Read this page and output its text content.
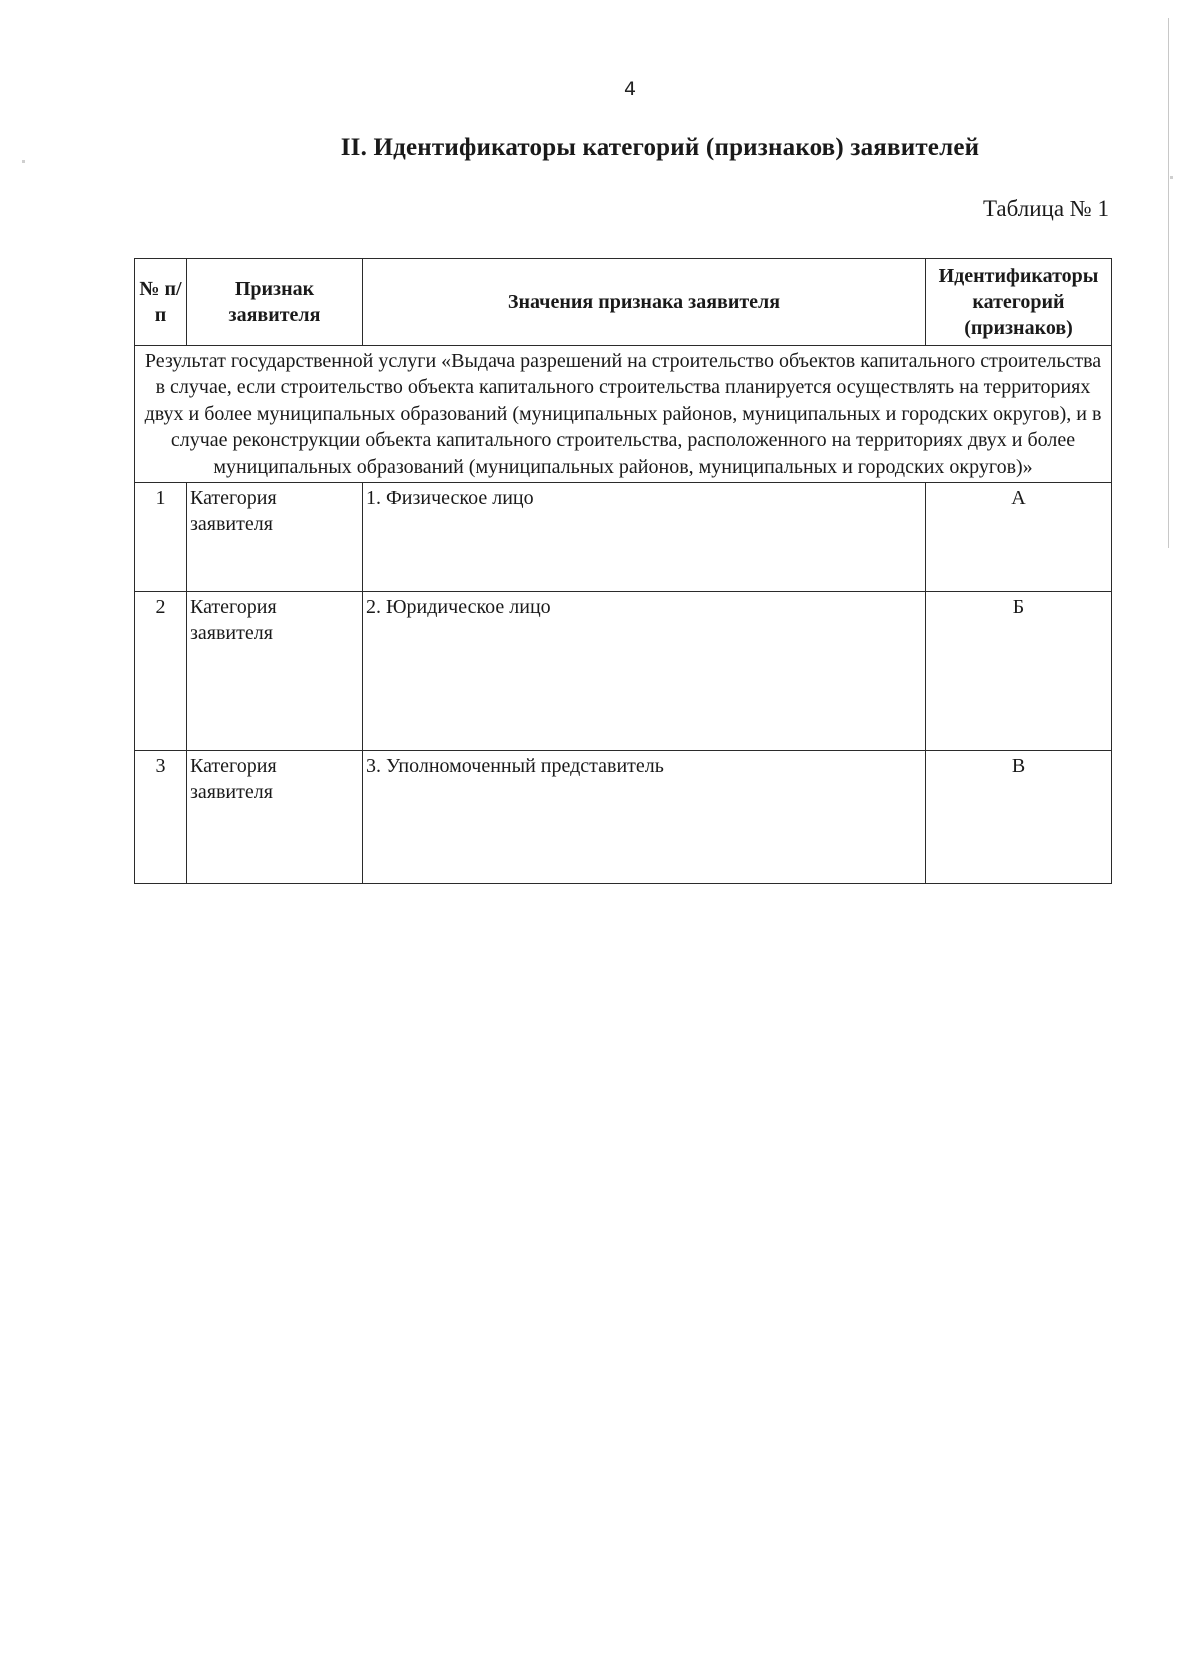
4
II. Идентификаторы категорий (признаков) заявителей
Таблица № 1
№ п/п	Признак заявителя	Значения признака заявителя	Идентификаторы категорий (признаков)
Результат государственной услуги «Выдача разрешений на строительство объектов капитального строительства в случае, если строительство объекта капитального строительства планируется осуществлять на территориях двух и более муниципальных образований (муниципальных районов, муниципальных и городских округов), и в случае реконструкции объекта капитального строительства, расположенного на территориях двух и более муниципальных образований (муниципальных районов, муниципальных и городских округов)»			
1	Категория заявителя	1. Физическое лицо	А
2	Категория заявителя	2. Юридическое лицо	Б
3	Категория заявителя	3. Уполномоченный представитель	В
